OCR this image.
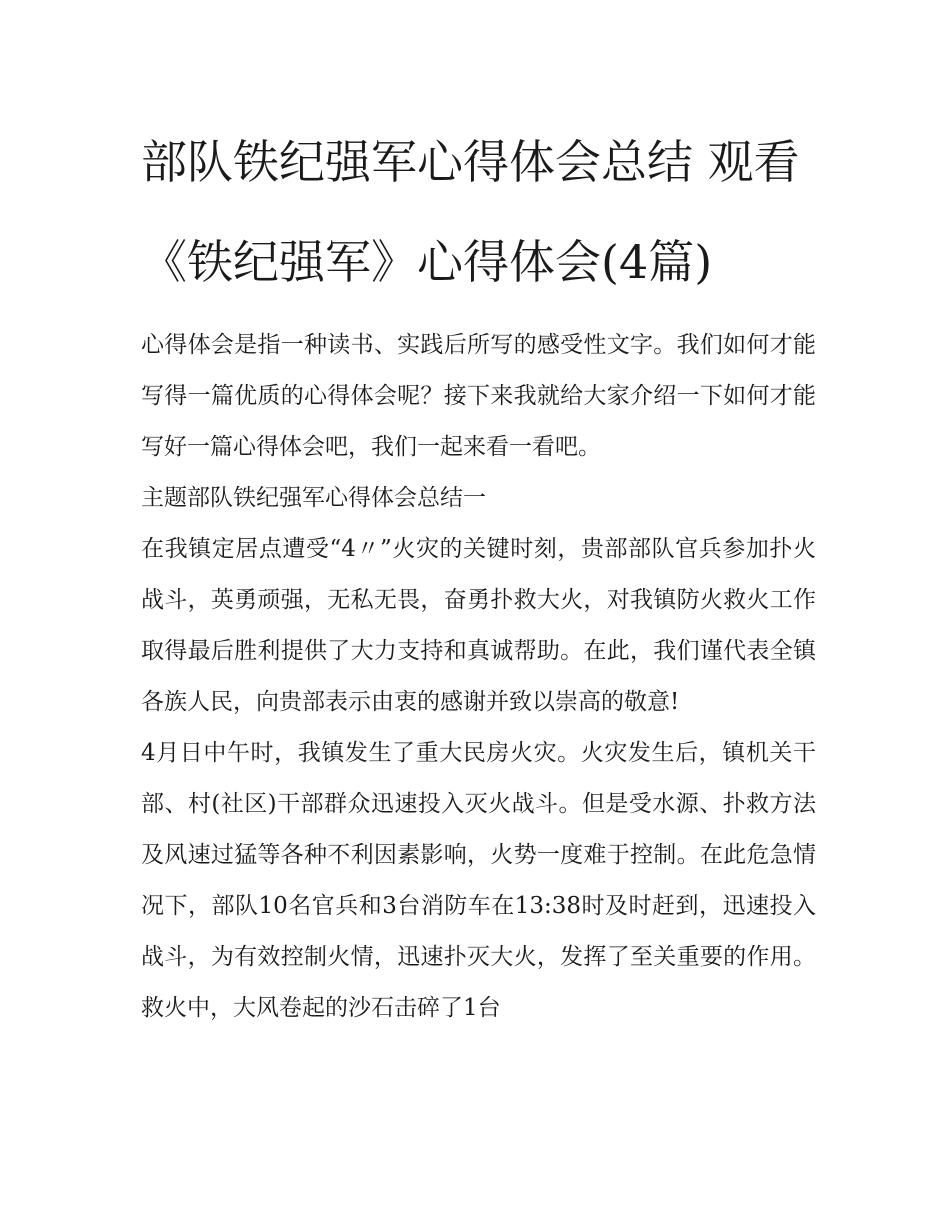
部队铁纪强军心得体会总结 观看《铁纪强军》心得体会(4篇)

心得体会是指一种读书、实践后所写的感受性文字。我们如何才能写得一篇优质的心得体会呢？接下来我就给大家介绍一下如何才能写好一篇心得体会吧，我们一起来看一看吧。

主题部队铁纪强军心得体会总结一

在我镇定居点遭受“4〃”火灾的关键时刻，贵部部队官兵参加扑火战斗，英勇顽强，无私无畏，奋勇扑救大火，对我镇防火救火工作取得最后胜利提供了大力支持和真诚帮助。在此，我们谨代表全镇各族人民，向贵部表示由衷的感谢并致以崇高的敬意!

4月日中午时，我镇发生了重大民房火灾。火灾发生后，镇机关干部、村(社区)干部群众迅速投入灭火战斗。但是受水源、扑救方法及风速过猛等各种不利因素影响，火势一度难于控制。在此危急情况下，部队10名官兵和3台消防车在13:38时及时赶到，迅速投入战斗，为有效控制火情，迅速扑灭大火，发挥了至关重要的作用。救火中，大风卷起的沙石击碎了1台
